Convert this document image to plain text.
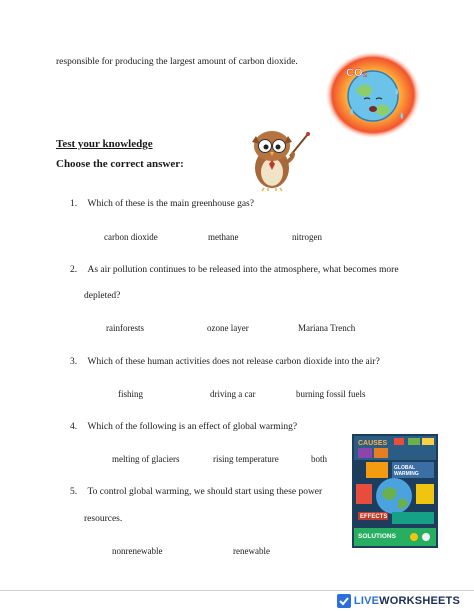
responsible for producing the largest amount of carbon dioxide.
CO₂
Test your knowledge
Choose the correct answer:
1. Which of these is the main greenhouse gas?
carbon dioxide	methane	nitrogen
2. As air pollution continues to be released into the atmosphere, what becomes more
depleted?
rainforests	ozone layer	Mariana Trench
3. Which of these human activities does not release carbon dioxide into the air?
fishing	driving a car	burning fossil fuels
4. Which of the following is an effect of global warming?
melting of glaciers	rising temperature	both
5. To control global warming, we should start using these power
resources.
nonrenewable	renewable
CAUSES
GLOBAL
WARMING
EFFECTS
SOLUTIONS
LIVE WORKSHEETS
